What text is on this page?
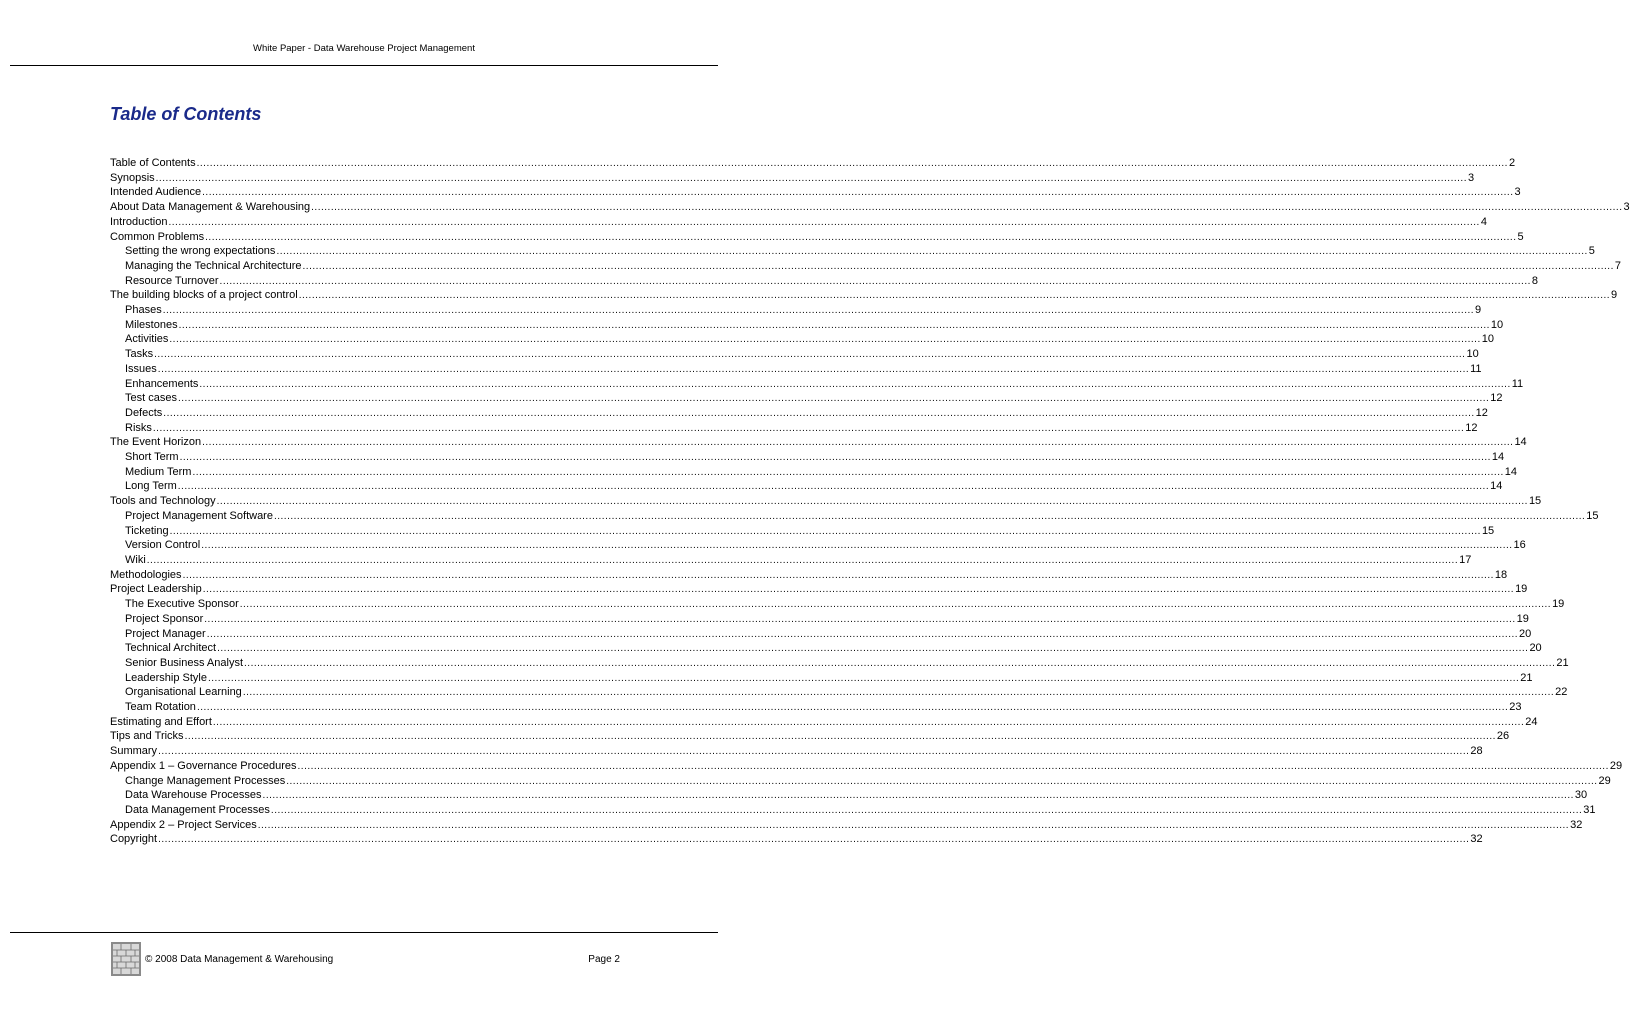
White Paper - Data Warehouse Project Management
Table of Contents
Table of Contents ................................................................................................................................................................................................................................................................................................................................................................................................................ 2
Synopsis ................................................................................................................................................................................................................................................................................................................................................................................................................ 3
Intended Audience ................................................................................................................................................................................................................................................................................................................................................................................................................ 3
About Data Management & Warehousing ................................................................................................................................................................................................................................................................................................................................................................................................................ 3
Introduction ................................................................................................................................................................................................................................................................................................................................................................................................................ 4
Common Problems ................................................................................................................................................................................................................................................................................................................................................................................................................ 5
Setting the wrong expectations ................................................................................................................................................................................................................................................................................................................................................................................................................ 5
Managing the Technical Architecture ................................................................................................................................................................................................................................................................................................................................................................................................................ 7
Resource Turnover ................................................................................................................................................................................................................................................................................................................................................................................................................ 8
The building blocks of a project control ................................................................................................................................................................................................................................................................................................................................................................................................................ 9
Phases ................................................................................................................................................................................................................................................................................................................................................................................................................ 9
Milestones ................................................................................................................................................................................................................................................................................................................................................................................................................ 10
Activities ................................................................................................................................................................................................................................................................................................................................................................................................................ 10
Tasks ................................................................................................................................................................................................................................................................................................................................................................................................................ 10
Issues ................................................................................................................................................................................................................................................................................................................................................................................................................ 11
Enhancements ................................................................................................................................................................................................................................................................................................................................................................................................................ 11
Test cases ................................................................................................................................................................................................................................................................................................................................................................................................................ 12
Defects ................................................................................................................................................................................................................................................................................................................................................................................................................ 12
Risks ................................................................................................................................................................................................................................................................................................................................................................................................................ 12
The Event Horizon ................................................................................................................................................................................................................................................................................................................................................................................................................ 14
Short Term ................................................................................................................................................................................................................................................................................................................................................................................................................ 14
Medium Term ................................................................................................................................................................................................................................................................................................................................................................................................................ 14
Long Term ................................................................................................................................................................................................................................................................................................................................................................................................................ 14
Tools and Technology ................................................................................................................................................................................................................................................................................................................................................................................................................ 15
Project Management Software ................................................................................................................................................................................................................................................................................................................................................................................................................ 15
Ticketing ................................................................................................................................................................................................................................................................................................................................................................................................................ 15
Version Control ................................................................................................................................................................................................................................................................................................................................................................................................................ 16
Wiki ................................................................................................................................................................................................................................................................................................................................................................................................................ 17
Methodologies ................................................................................................................................................................................................................................................................................................................................................................................................................ 18
Project Leadership ................................................................................................................................................................................................................................................................................................................................................................................................................ 19
The Executive Sponsor ................................................................................................................................................................................................................................................................................................................................................................................................................ 19
Project Sponsor ................................................................................................................................................................................................................................................................................................................................................................................................................ 19
Project Manager ................................................................................................................................................................................................................................................................................................................................................................................................................ 20
Technical Architect ................................................................................................................................................................................................................................................................................................................................................................................................................ 20
Senior Business Analyst ................................................................................................................................................................................................................................................................................................................................................................................................................ 21
Leadership Style ................................................................................................................................................................................................................................................................................................................................................................................................................ 21
Organisational Learning ................................................................................................................................................................................................................................................................................................................................................................................................................ 22
Team Rotation ................................................................................................................................................................................................................................................................................................................................................................................................................ 23
Estimating and Effort ................................................................................................................................................................................................................................................................................................................................................................................................................ 24
Tips and Tricks ................................................................................................................................................................................................................................................................................................................................................................................................................ 26
Summary ................................................................................................................................................................................................................................................................................................................................................................................................................ 28
Appendix 1 – Governance Procedures ................................................................................................................................................................................................................................................................................................................................................................................................................ 29
Change Management Processes ................................................................................................................................................................................................................................................................................................................................................................................................................ 29
Data Warehouse Processes ................................................................................................................................................................................................................................................................................................................................................................................................................ 30
Data Management Processes ................................................................................................................................................................................................................................................................................................................................................................................................................ 31
Appendix 2 – Project Services ................................................................................................................................................................................................................................................................................................................................................................................................................ 32
Copyright ................................................................................................................................................................................................................................................................................................................................................................................................................ 32
© 2008 Data Management & Warehousing	Page 2
